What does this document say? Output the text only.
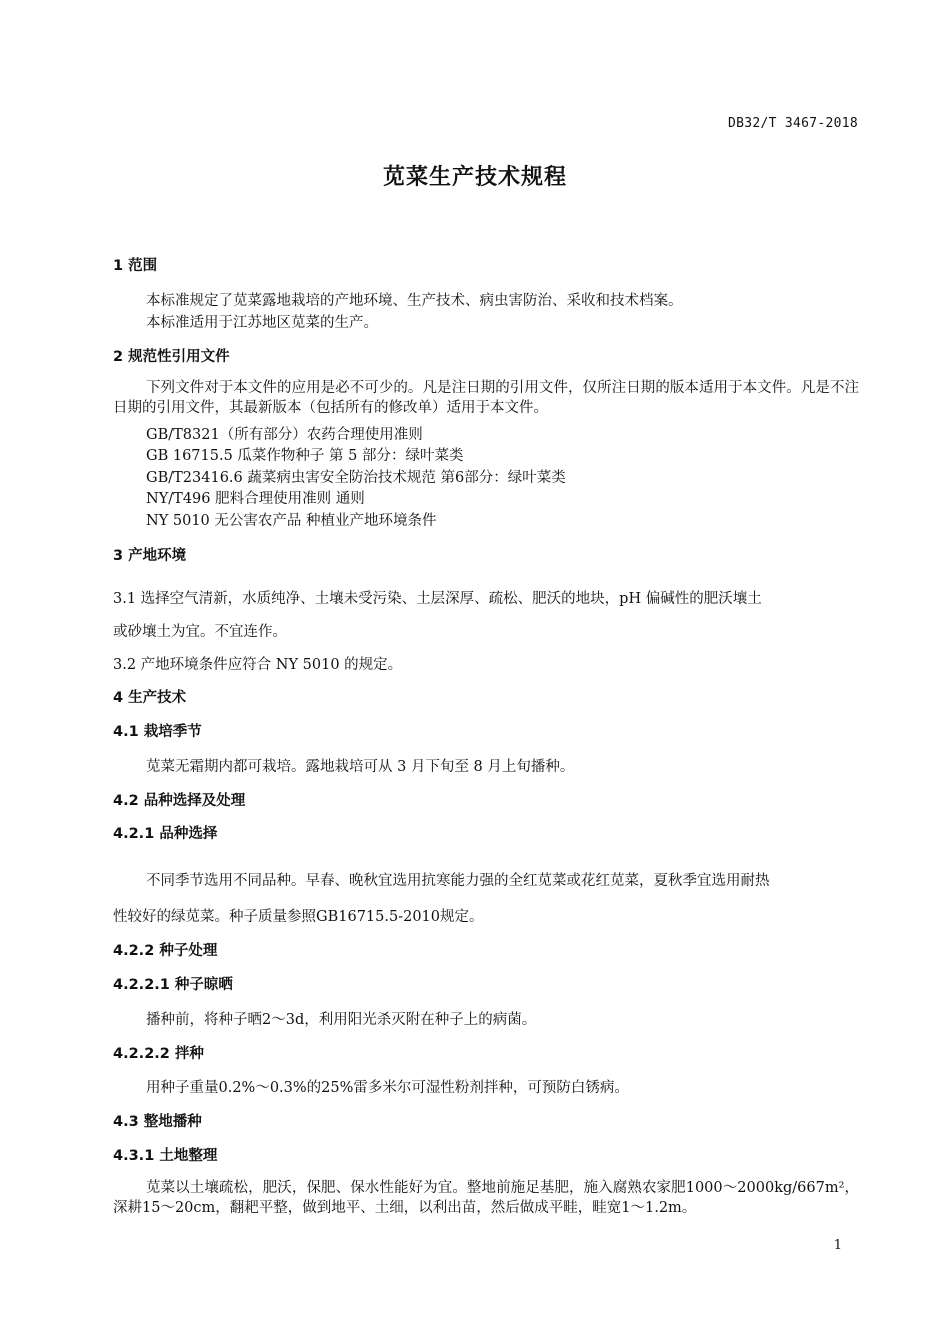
DB32/T 3467-2018
苋菜生产技术规程
1 范围
本标准规定了苋菜露地栽培的产地环境、生产技术、病虫害防治、采收和技术档案。
本标准适用于江苏地区苋菜的生产。
2 规范性引用文件
下列文件对于本文件的应用是必不可少的。凡是注日期的引用文件，仅所注日期的版本适用于本文件。凡是不注日期的引用文件，其最新版本（包括所有的修改单）适用于本文件。
GB/T8321（所有部分）农药合理使用准则
GB 16715.5 瓜菜作物种子 第 5 部分：绿叶菜类
GB/T23416.6 蔬菜病虫害安全防治技术规范 第6部分：绿叶菜类
NY/T496 肥料合理使用准则 通则
NY 5010 无公害农产品 种植业产地环境条件
3 产地环境
3.1 选择空气清新，水质纯净、土壤未受污染、土层深厚、疏松、肥沃的地块，pH 偏碱性的肥沃壤土
或砂壤土为宜。不宜连作。
3.2 产地环境条件应符合 NY 5010 的规定。
4 生产技术
4.1 栽培季节
苋菜无霜期内都可栽培。露地栽培可从 3 月下旬至 8 月上旬播种。
4.2 品种选择及处理
4.2.1 品种选择
不同季节选用不同品种。早春、晚秋宜选用抗寒能力强的全红苋菜或花红苋菜，夏秋季宜选用耐热
性较好的绿苋菜。种子质量参照GB16715.5-2010规定。
4.2.2 种子处理
4.2.2.1 种子晾晒
播种前，将种子晒2～3d，利用阳光杀灭附在种子上的病菌。
4.2.2.2 拌种
用种子重量0.2%～0.3%的25%雷多米尔可湿性粉剂拌种，可预防白锈病。
4.3 整地播种
4.3.1 土地整理
苋菜以土壤疏松，肥沃，保肥、保水性能好为宜。整地前施足基肥，施入腐熟农家肥1000～2000kg/667m²，深耕15～20cm，翻耙平整，做到地平、土细，以利出苗，然后做成平畦，畦宽1～1.2m。
1
